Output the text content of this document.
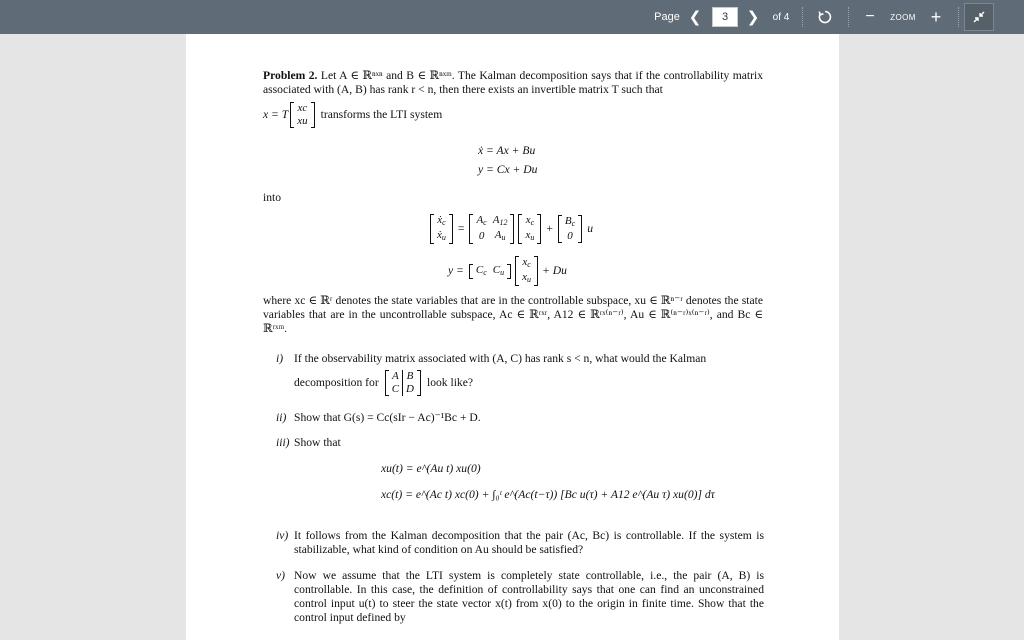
Page ❮
3	❯	of 4	−	ZOOM +
Problem 2. Let A ∈ ℝⁿˣⁿ and B ∈ ℝⁿˣᵐ. The Kalman decomposition says that if the controllability matrix associated with (A, B) has rank r < n, then there exists an invertible matrix T such that
x = T xc
xu
transforms the LTI system
ẋ = Ax + Bu
y = Cx + Du
into
ẋ$_c$
ẋ$_u$
=
$A_c$	$A_{12}$
0	$A_u$
$x_c$
$x_u$
+
$B_c$
0
u
$y = C_c$	$C_u$
$x_c$
$x_u$
+ Du
where xc ∈ ℝʳ denotes the state variables that are in the controllable subspace, xu ∈ ℝⁿ⁻ʳ denotes the state variables that are in the uncontrollable subspace, Ac ∈ ℝʳˣʳ, A12 ∈ ℝʳˣ⁽ⁿ⁻ʳ⁾, Au ∈ ℝ⁽ⁿ⁻ʳ⁾ˣ⁽ⁿ⁻ʳ⁾, and Bc ∈ ℝʳˣᵐ.
i) If the observability matrix associated with (A, C) has rank s < n, what would the Kalman
decomposition for A	B
C	D
look like?
ii) Show that G(s) = Cc(sIr − Ac)⁻¹Bc + D.
iii) Show that
xu(t) = e^(Au t) xu(0)
xc(t) = e^(Ac t) xc(0) + ∫₀ᵗ e^(Ac(t−τ)) [Bc u(τ) + A12 e^(Au τ) xu(0)] dτ
iv) It follows from the Kalman decomposition that the pair (Ac, Bc) is controllable. If the system is stabilizable, what kind of condition on Au should be satisfied?
v) Now we assume that the LTI system is completely state controllable, i.e., the pair (A, B) is controllable. In this case, the definition of controllability says that one can find an unconstrained control input u(t) to steer the state vector x(t) from x(0) to the origin in finite time. Show that the control input defined by
